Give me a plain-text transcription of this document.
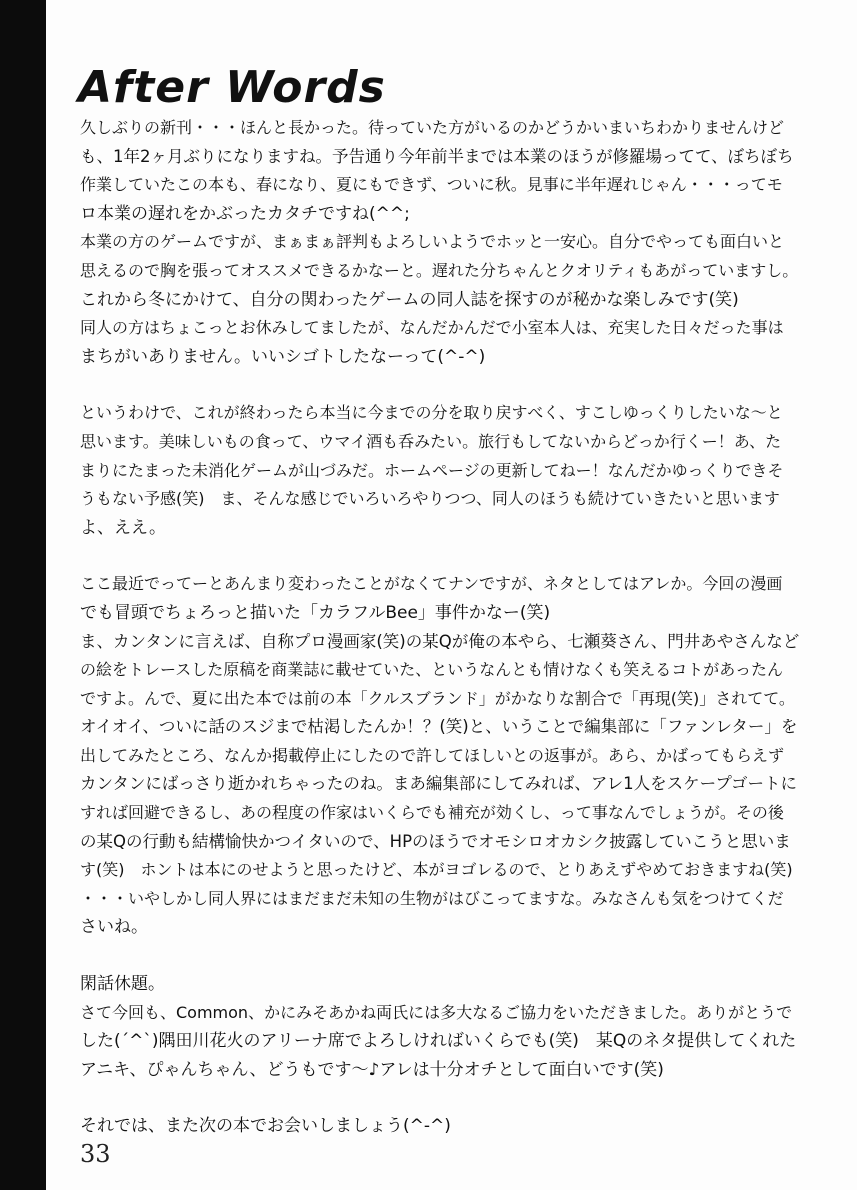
After Words
久しぶりの新刊・・・ほんと長かった。待っていた方がいるのかどうかいまいちわかりませんけど
も、1年2ヶ月ぶりになりますね。予告通り今年前半までは本業のほうが修羅場ってて、ぼちぼち
作業していたこの本も、春になり、夏にもできず、ついに秋。見事に半年遅れじゃん・・・ってモ
ロ本業の遅れをかぶったカタチですね(^^;
本業の方のゲームですが、まぁまぁ評判もよろしいようでホッと一安心。自分でやっても面白いと
思えるので胸を張ってオススメできるかなーと。遅れた分ちゃんとクオリティもあがっていますし。
これから冬にかけて、自分の関わったゲームの同人誌を探すのが秘かな楽しみです(笑)
同人の方はちょこっとお休みしてましたが、なんだかんだで小室本人は、充実した日々だった事は
まちがいありません。いいシゴトしたなーって(^-^)
というわけで、これが終わったら本当に今までの分を取り戻すべく、すこしゆっくりしたいな～と
思います。美味しいもの食って、ウマイ酒も呑みたい。旅行もしてないからどっか行くー！あ、た
まりにたまった未消化ゲームが山づみだ。ホームページの更新してねー！なんだかゆっくりできそ
うもない予感(笑)　ま、そんな感じでいろいろやりつつ、同人のほうも続けていきたいと思います
よ、ええ。
ここ最近でってーとあんまり変わったことがなくてナンですが、ネタとしてはアレか。今回の漫画
でも冒頭でちょろっと描いた「カラフルBee」事件かなー(笑)
ま、カンタンに言えば、自称プロ漫画家(笑)の某Qが俺の本やら、七瀬葵さん、門井あやさんなど
の絵をトレースした原稿を商業誌に載せていた、というなんとも情けなくも笑えるコトがあったん
ですよ。んで、夏に出た本では前の本「クルスブランド」がかなりな割合で「再現(笑)」されてて。
オイオイ、ついに話のスジまで枯渇したんか！？(笑)と、いうことで編集部に「ファンレター」を
出してみたところ、なんか掲載停止にしたので許してほしいとの返事が。あら、かばってもらえず
カンタンにばっさり逝かれちゃったのね。まあ編集部にしてみれば、アレ1人をスケープゴートに
すれば回避できるし、あの程度の作家はいくらでも補充が効くし、って事なんでしょうが。その後
の某Qの行動も結構愉快かつイタいので、HPのほうでオモシロオカシク披露していこうと思いま
す(笑)　ホントは本にのせようと思ったけど、本がヨゴレるので、とりあえずやめておきますね(笑)
・・・いやしかし同人界にはまだまだ未知の生物がはびこってますな。みなさんも気をつけてくだ
さいね。
閑話休題。
さて今回も、Common、かにみそあかね両氏には多大なるご協力をいただきました。ありがとうで
した(´^`)隅田川花火のアリーナ席でよろしければいくらでも(笑)　某Qのネタ提供してくれた
アニキ、ぴゃんちゃん、どうもです～♪アレは十分オチとして面白いです(笑)
それでは、また次の本でお会いしましょう(^-^)
33
